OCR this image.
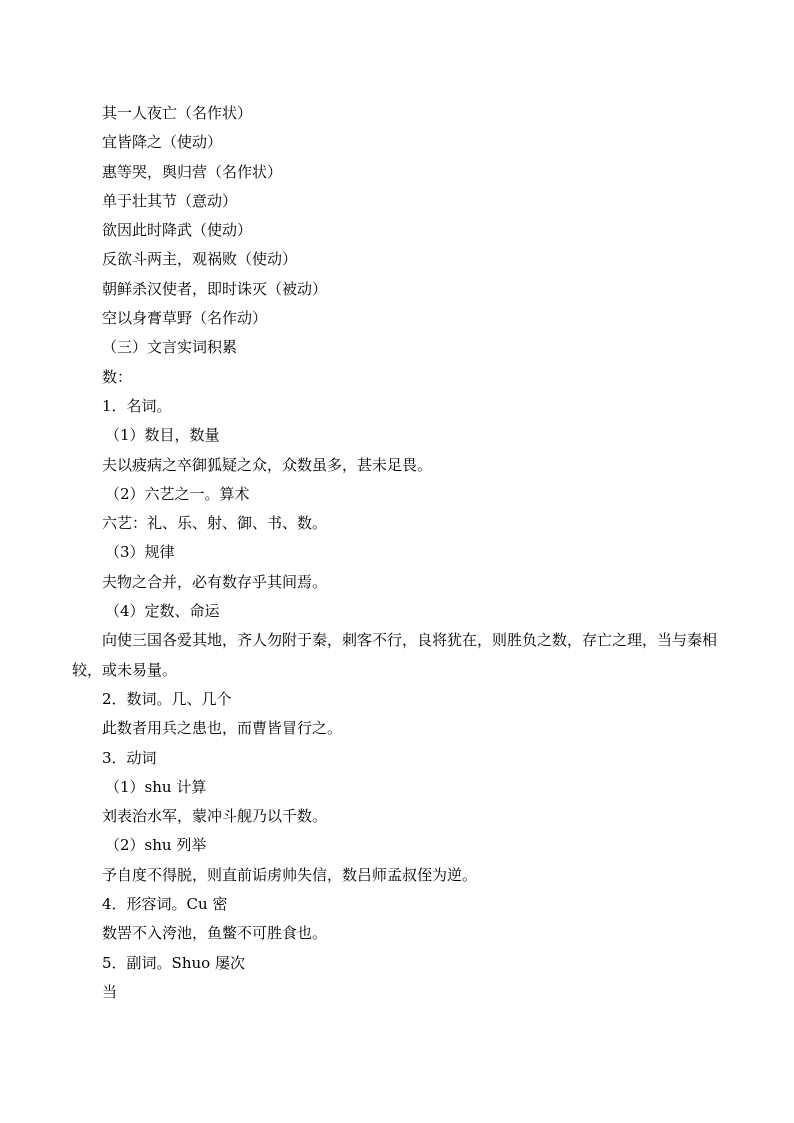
其一人夜亡（名作状）
宜皆降之（使动）
惠等哭，舆归营（名作状）
单于壮其节（意动）
欲因此时降武（使动）
反欲斗两主，观祸败（使动）
朝鲜杀汉使者，即时诛灭（被动）
空以身膏草野（名作动）
（三）文言实词积累
数：
1．名词。
（1）数目，数量
夫以疲病之卒御狐疑之众，众数虽多，甚未足畏。
（2）六艺之一。算术
六艺：礼、乐、射、御、书、数。
（3）规律
夫物之合并，必有数存乎其间焉。
（4）定数、命运
向使三国各爱其地，齐人勿附于秦，刺客不行，良将犹在，则胜负之数，存亡之理，当与秦相较，或未易量。
2．数词。几、几个
此数者用兵之患也，而曹皆冒行之。
3．动词
（1）shu 计算
刘表治水军，蒙冲斗舰乃以千数。
（2）shu 列举
予自度不得脱，则直前诟虏帅失信，数吕师孟叔侄为逆。
4．形容词。Cu 密
数罟不入洿池，鱼鳖不可胜食也。
5．副词。Shuo 屡次
当
